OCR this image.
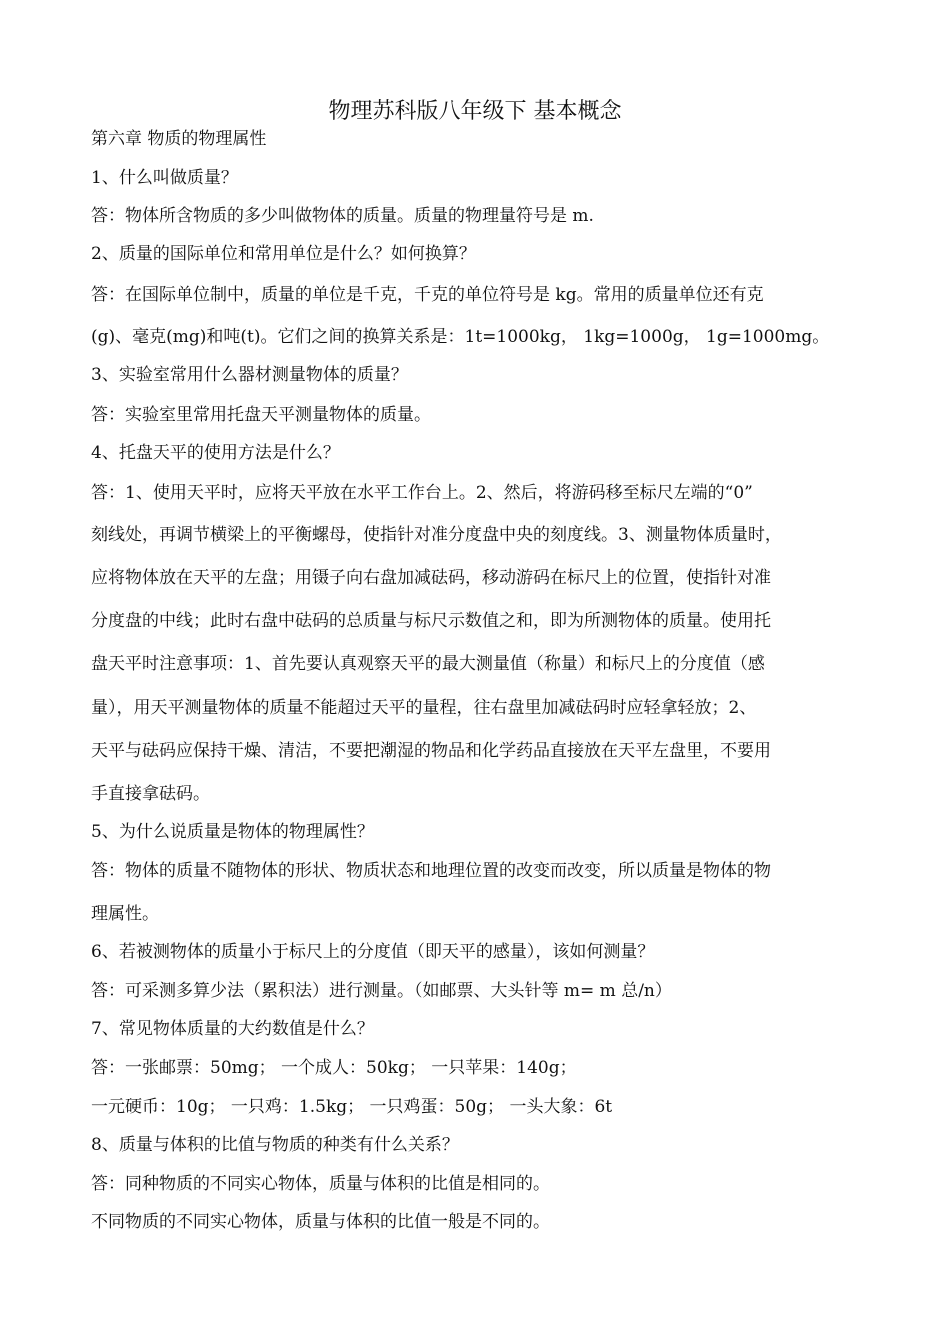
物理苏科版八年级下 基本概念
第六章 物质的物理属性
1、什么叫做质量？
答：物体所含物质的多少叫做物体的质量。质量的物理量符号是 m.
2、质量的国际单位和常用单位是什么？如何换算？
答：在国际单位制中，质量的单位是千克，千克的单位符号是 kg。常用的质量单位还有克
(g)、毫克(mg)和吨(t)。它们之间的换算关系是：1t=1000kg， 1kg=1000g， 1g=1000mg。
3、实验室常用什么器材测量物体的质量？
答：实验室里常用托盘天平测量物体的质量。
4、托盘天平的使用方法是什么？
答：1、使用天平时，应将天平放在水平工作台上。2、然后，将游码移至标尺左端的“0”
刻线处，再调节横梁上的平衡螺母，使指针对准分度盘中央的刻度线。3、测量物体质量时，
应将物体放在天平的左盘；用镊子向右盘加减砝码，移动游码在标尺上的位置，使指针对准
分度盘的中线；此时右盘中砝码的总质量与标尺示数值之和，即为所测物体的质量。使用托
盘天平时注意事项：1、首先要认真观察天平的最大测量值（称量）和标尺上的分度值（感
量），用天平测量物体的质量不能超过天平的量程，往右盘里加减砝码时应轻拿轻放；2、
天平与砝码应保持干燥、清洁，不要把潮湿的物品和化学药品直接放在天平左盘里，不要用
手直接拿砝码。
5、为什么说质量是物体的物理属性？
答：物体的质量不随物体的形状、物质状态和地理位置的改变而改变，所以质量是物体的物
理属性。
6、若被测物体的质量小于标尺上的分度值（即天平的感量），该如何测量？
答：可采测多算少法（累积法）进行测量。（如邮票、大头针等 m= m 总/n）
7、常见物体质量的大约数值是什么？
答：一张邮票：50mg； 一个成人：50kg； 一只苹果：140g；
一元硬币：10g； 一只鸡：1.5kg； 一只鸡蛋：50g； 一头大象：6t
8、质量与体积的比值与物质的种类有什么关系？
答：同种物质的不同实心物体，质量与体积的比值是相同的。
不同物质的不同实心物体，质量与体积的比值一般是不同的。
